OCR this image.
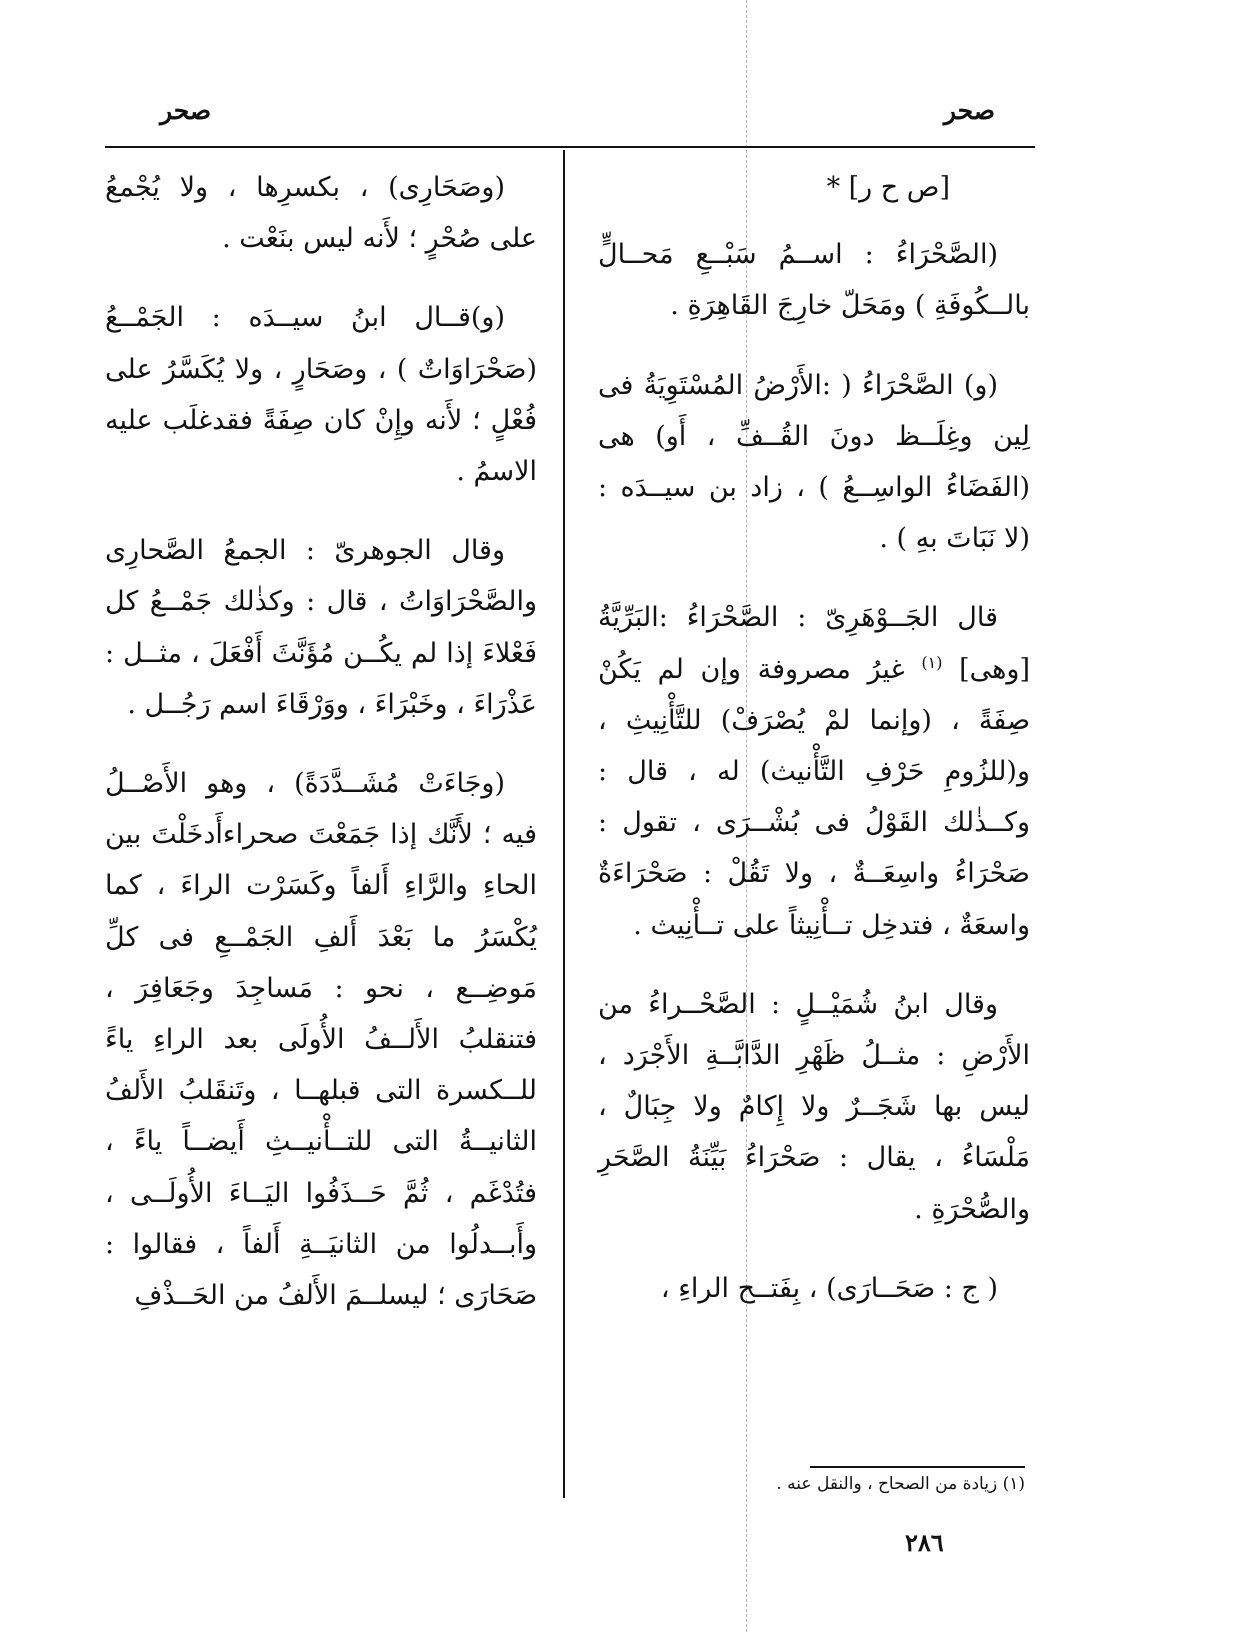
صحر
صحر

[ص ح ر] *

(الصَّحْرَاءُ : اســمُ سَبْــعِ مَحــالٍّ بالــكُوفَةِ ) ومَحَلّ خارِجَ القَاهِرَةِ .

(و) الصَّحْرَاءُ ( :الأَرْضُ المُسْتَوِيَةُ فى لِين وغِلَــظ دونَ القُــفِّ ، أَو) هى (الفَضَاءُ الواسِــعُ ) ، زاد بن سيــدَه : (لا نَبَاتَ بهِ ) .

قال الجَــوْهَرِىّ : الصَّحْرَاءُ :البَرِّيَّةُ [وهى] $^{(١)}$ غيرُ مصروفة وإن لم يَكُنْ صِفَةً ، (وإنما لمْ يُصْرَفْ) للتَّأْنِيثِ ، و(للزُومِ حَرْفِ التَّأْنيث) له ، قال : وكــذٰلك القَوْلُ فى بُشْــرَى ، تقول : صَحْرَاءُ واسِعَــةٌ ، ولا تَقُلْ : صَحْرَاءَةٌ واسعَةٌ ، فتدخِل تــأْنِيثاً على تــأْنِيث .

وقال ابنُ شُمَيْــلٍ : الصَّحْــراءُ من الأَرْضِ : مثــلُ ظَهْرِ الدَّابَّــةِ الأَجْرَد ، ليس بها شَجَــرٌ ولا إِكامٌ ولا جِبَالٌ ، مَلْسَاءُ ، يقال : صَحْرَاءُ بَيِّنَةُ الصَّحَرِ والصُّحْرَةِ .

( ج : صَحَــارَى) ، بِفَتــح الراءِ ،

(وصَحَارِى) ، بكسرِها ، ولا يُجْمعُ على صُحْرٍ ؛ لأَنه ليس بنَعْت .

(و)قــال ابنُ سيــدَه : الجَمْــعُ (صَحْرَاوَاتٌ ) ، وصَحَارٍ ، ولا يُكَسَّرُ على فُعْلٍ ؛ لأَنه وإِنْ كان صِفَةً فقدغلَب عليه الاسمُ .

وقال الجوهرىّ : الجمعُ الصَّحارِى والصَّحْرَاوَاتُ ، قال : وكذٰلك جَمْــعُ كل فَعْلاءَ إذا لم يكُــن مُؤَنَّثَ أَفْعَلَ ، مثــل : عَذْرَاءَ ، وخَبْرَاءَ ، ووَرْقَاءَ اسم رَجُــل .

(وجَاءَتْ مُشَــدَّدَةً) ، وهو الأَصْــلُ فيه ؛ لأَنَّك إذا جَمَعْتَ صحراءأَدخَلْتَ بين الحاءِ والرَّاءِ أَلفاً وكَسَرْت الراءَ ، كما يُكْسَرُ ما بَعْدَ أَلفِ الجَمْــعِ فى كلِّ مَوضِــع ، نحو : مَساجِدَ وجَعَافِرَ ، فتنقلبُ الأَلــفُ الأُولَى بعد الراءِ ياءً للــكسرة التى قبلهــا ، وتَنقَلبُ الأَلفُ الثانيــةُ التى للتــأْنيــثِ أَيضــاً ياءً ، فتُدْغَم ، ثُمَّ حَــذَفُوا اليَــاءَ الأُولَــى ، وأَبــدلُوا من الثانيَــةِ أَلفاً ، فقالوا : صَحَارَى ؛ ليسلــمَ الأَلفُ من الحَــذْفِ

(١) زيادة من الصحاح ، والنقل عنه .
٢٨٦
